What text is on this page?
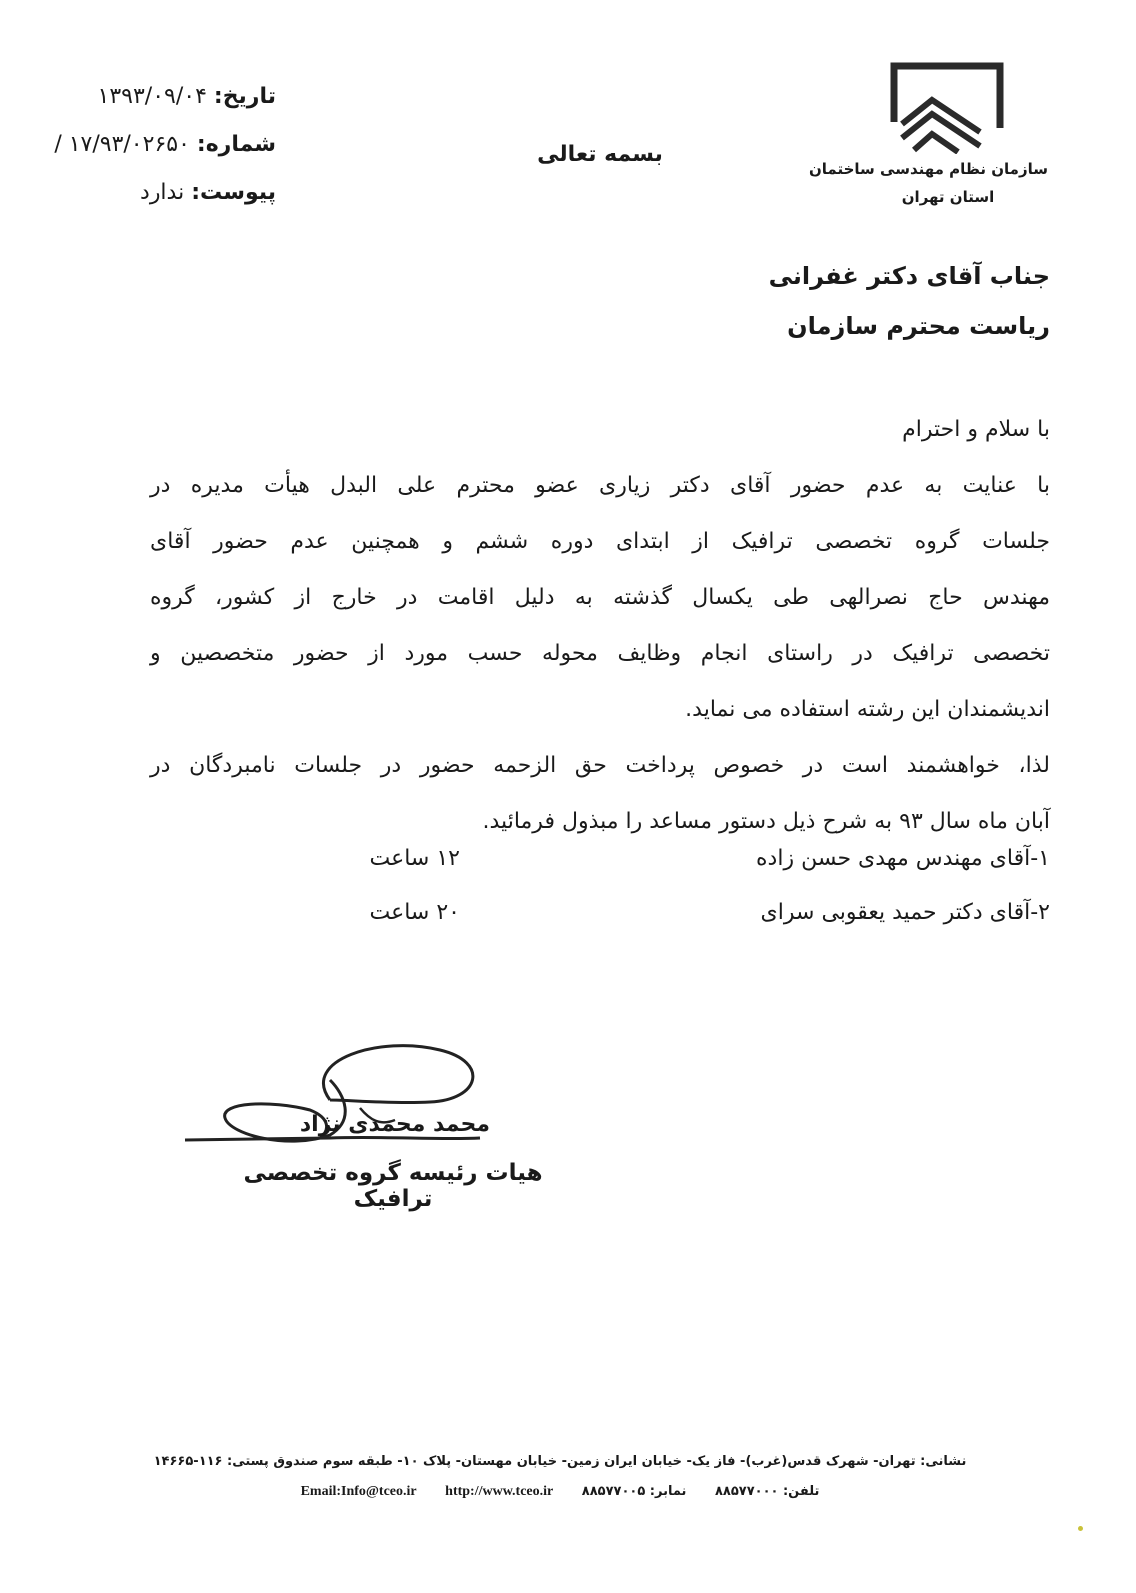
سازمان نظام مهندسی ساختمان
استان تهران
بسمه تعالی
تاریخ: ۱۳۹۳/۰۹/۰۴
شماره: ۱۷/۹۳/۰۲۶۵۰ /
پیوست: ندارد
جناب آقای دکتر غفرانی
ریاست محترم سازمان
با سلام و احترام
با عنایت به عدم حضور آقای دکتر زیاری عضو محترم علی البدل هیأت مدیره در
جلسات گروه تخصصی ترافیک از ابتدای دوره ششم و همچنین عدم حضور آقای
مهندس حاج نصرالهی طی یکسال گذشته به دلیل اقامت در خارج از کشور، گروه
تخصصی ترافیک در راستای انجام وظایف محوله حسب مورد از حضور متخصصین و
اندیشمندان این رشته استفاده می نماید.
لذا، خواهشمند است در خصوص پرداخت حق الزحمه حضور در جلسات نامبردگان در
آبان ماه سال ۹۳ به شرح ذیل دستور مساعد را مبذول فرمائید.
۱-آقای مهندس مهدی حسن زاده
۱۲ ساعت
۲-آقای دکتر حمید یعقوبی سرای
۲۰ ساعت
محمد محمدی نژاد
هیات رئیسه گروه تخصصی ترافیک
نشانی: تهران- شهرک قدس(غرب)- فاز یک- خیابان ایران زمین- خیابان مهستان- پلاک ۱۰- طبقه سوم صندوق پستی: ۱۱۶-۱۴۶۶۵
تلفن: ۸۸۵۷۷۰۰۰ نمابر: ۸۸۵۷۷۰۰۵ Email:Info@tceo.ir http://www.tceo.ir
